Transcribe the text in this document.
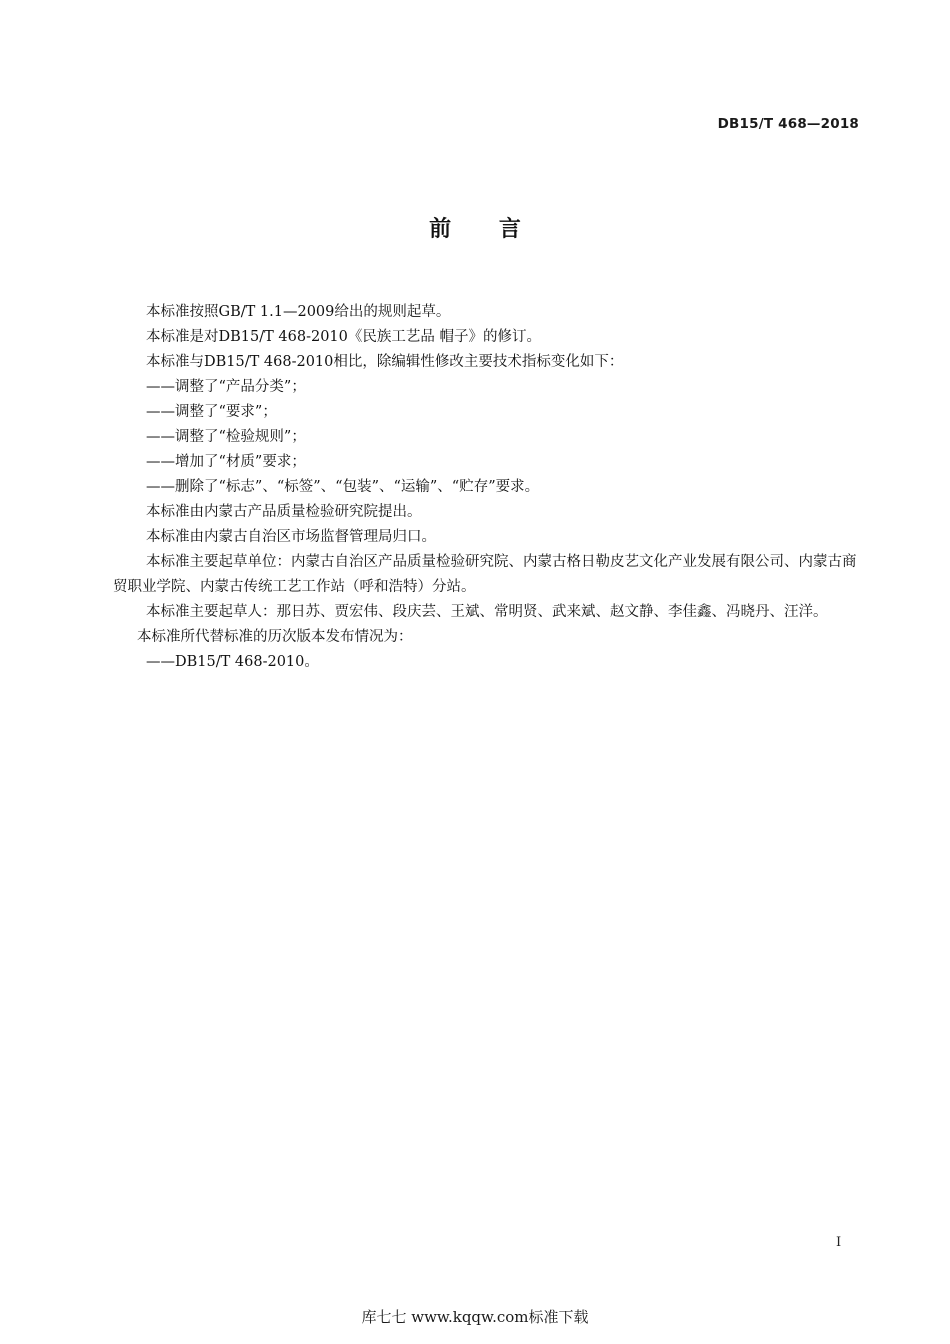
DB15/T 468—2018
前 言

本标准按照GB/T 1.1—2009给出的规则起草。

本标准是对DB15/T 468-2010《民族工艺品 帽子》的修订。

本标准与DB15/T 468-2010相比，除编辑性修改主要技术指标变化如下：

——调整了“产品分类”；

——调整了“要求”；

——调整了“检验规则”；

——增加了“材质”要求；

——删除了“标志”、“标签”、“包装”、“运输”、“贮存”要求。

本标准由内蒙古产品质量检验研究院提出。

本标准由内蒙古自治区市场监督管理局归口。

本标准主要起草单位：内蒙古自治区产品质量检验研究院、内蒙古格日勒皮艺文化产业发展有限公司、内蒙古商贸职业学院、内蒙古传统工艺工作站（呼和浩特）分站。

本标准主要起草人：那日苏、贾宏伟、段庆芸、王斌、常明贤、武来斌、赵文静、李佳鑫、冯晓丹、汪洋。

本标准所代替标准的历次版本发布情况为：

——DB15/T 468-2010。

I
库七七 www.kqqw.com标准下载
